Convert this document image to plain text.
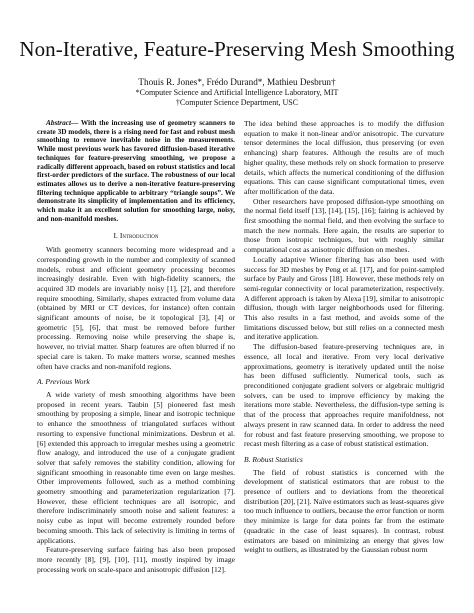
Non-Iterative, Feature-Preserving Mesh Smoothing
Thouis R. Jones*, Frédo Durand*, Mathieu Desbrun†
*Computer Science and Artificial Intelligence Laboratory, MIT
†Computer Science Department, USC

Abstract— With the increasing use of geometry scanners to create 3D models, there is a rising need for fast and robust mesh smoothing to remove inevitable noise in the measurements. While most previous work has favored diffusion-based iterative techniques for feature-preserving smoothing, we propose a radically different approach, based on robust statistics and local first-order predictors of the surface. The robustness of our local estimates allows us to derive a non-iterative feature-preserving filtering technique applicable to arbitrary “triangle soups”. We demonstrate its simplicity of implementation and its efficiency, which make it an excellent solution for smoothing large, noisy, and non-manifold meshes.

I. Introduction

With geometry scanners becoming more widespread and a corresponding growth in the number and complexity of scanned models, robust and efficient geometry processing becomes increasingly desirable. Even with high-fidelity scanners, the acquired 3D models are invariably noisy [1], [2], and therefore require smoothing. Similarly, shapes extracted from volume data (obtained by MRI or CT devices, for instance) often contain significant amounts of noise, be it topological [3], [4] or geometric [5], [6], that must be removed before further processing. Removing noise while preserving the shape is, however, no trivial matter. Sharp features are often blurred if no special care is taken. To make matters worse, scanned meshes often have cracks and non-manifold regions.

A. Previous Work

A wide variety of mesh smoothing algorithms have been proposed in recent years. Taubin [5] pioneered fast mesh smoothing by proposing a simple, linear and isotropic technique to enhance the smoothness of triangulated surfaces without resorting to expensive functional minimizations. Desbrun et al. [6] extended this approach to irregular meshes using a geometric flow analogy, and introduced the use of a conjugate gradient solver that safely removes the stability condition, allowing for significant smoothing in reasonable time even on large meshes. Other improvements followed, such as a method combining geometry smoothing and parameterization regularization [7]. However, these efficient techniques are all isotropic, and therefore indiscriminately smooth noise and salient features: a noisy cube as input will become extremely rounded before becoming smooth. This lack of selectivity is limiting in terms of applications.

Feature-preserving surface fairing has also been proposed more recently [8], [9], [10], [11], mostly inspired by image processing work on scale-space and anisotropic diffusion [12].

The idea behind these approaches is to modify the diffusion equation to make it non-linear and/or anisotropic. The curvature tensor determines the local diffusion, thus preserving (or even enhancing) sharp features. Although the results are of much higher quality, these methods rely on shock formation to preserve details, which affects the numerical conditioning of the diffusion equations. This can cause significant computational times, even after mollification of the data.

Other researchers have proposed diffusion-type smoothing on the normal field itself [13], [14], [15], [16]; fairing is achieved by first smoothing the normal field, and then evolving the surface to match the new normals. Here again, the results are superior to those from isotropic techniques, but with roughly similar computational cost as anisotropic diffusion on meshes.

Locally adaptive Wiener filtering has also been used with success for 3D meshes by Peng et al. [17], and for point-sampled surface by Pauly and Gross [18]. However, these methods rely on semi-regular connectivity or local parameterization, respectively. A different approach is taken by Alexa [19], similar to anisotropic diffusion, though with larger neighborhoods used for filtering. This also results in a fast method, and avoids some of the limitations discussed below, but still relies on a connected mesh and iterative application.

The diffusion-based feature-preserving techniques are, in essence, all local and iterative. From very local derivative approximations, geometry is iteratively updated until the noise has been diffused sufficiently. Numerical tools, such as preconditioned conjugate gradient solvers or algebraic multigrid solvers, can be used to improve efficiency by making the iterations more stable. Nevertheless, the diffusion-type setting is that of the process that approaches require manifoldness, not always present in raw scanned data. In order to address the need for robust and fast feature preserving smoothing, we propose to recast mesh filtering as a case of robust statistical estimation.

B. Robust Statistics

The field of robust statistics is concerned with the development of statistical estimators that are robust to the presence of outliers and to deviations from the theoretical distribution [20], [21]. Naïve estimators such as least-squares give too much influence to outliers, because the error function or norm they minimize is large for data points far from the estimate (quadratic in the case of least squares). In contrast, robust estimators are based on minimizing an energy that gives low weight to outliers, as illustrated by the Gaussian robust norm
